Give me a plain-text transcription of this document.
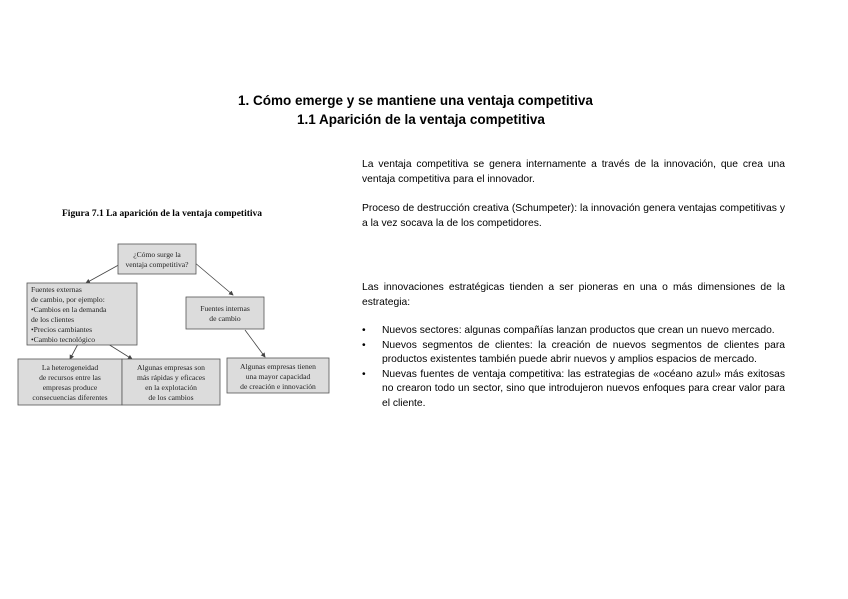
1. Cómo emerge y se mantiene una ventaja competitiva
1.1 Aparición de la ventaja competitiva
Figura 7.1 La aparición de la ventaja competitiva
¿Cómo surge la
ventaja competitiva?
Fuentes externas
de cambio, por ejemplo:
•Cambios en la demanda
de los clientes
•Precios cambiantes
•Cambio tecnológico
Fuentes internas
de cambio
La heterogeneidad
de recursos entre las
empresas produce
consecuencias diferentes
Algunas empresas son
más rápidas y eficaces
en la explotación
de los cambios
Algunas empresas tienen
una mayor capacidad
de creación e innovación
La ventaja competitiva se genera internamente a través de la innovación, que crea una ventaja competitiva para el innovador.
Proceso de destrucción creativa (Schumpeter): la innovación genera ventajas competitivas y a la vez socava la de los competidores.
Las innovaciones estratégicas tienden a ser pioneras en una o más dimensiones de la estrategia:
• Nuevos sectores: algunas compañías lanzan productos que crean un nuevo mercado.
• Nuevos segmentos de clientes: la creación de nuevos segmentos de clientes para productos existentes también puede abrir nuevos y amplios espacios de mercado.
• Nuevas fuentes de ventaja competitiva: las estrategias de «océano azul» más exitosas no crearon todo un sector, sino que introdujeron nuevos enfoques para crear valor para el cliente.
